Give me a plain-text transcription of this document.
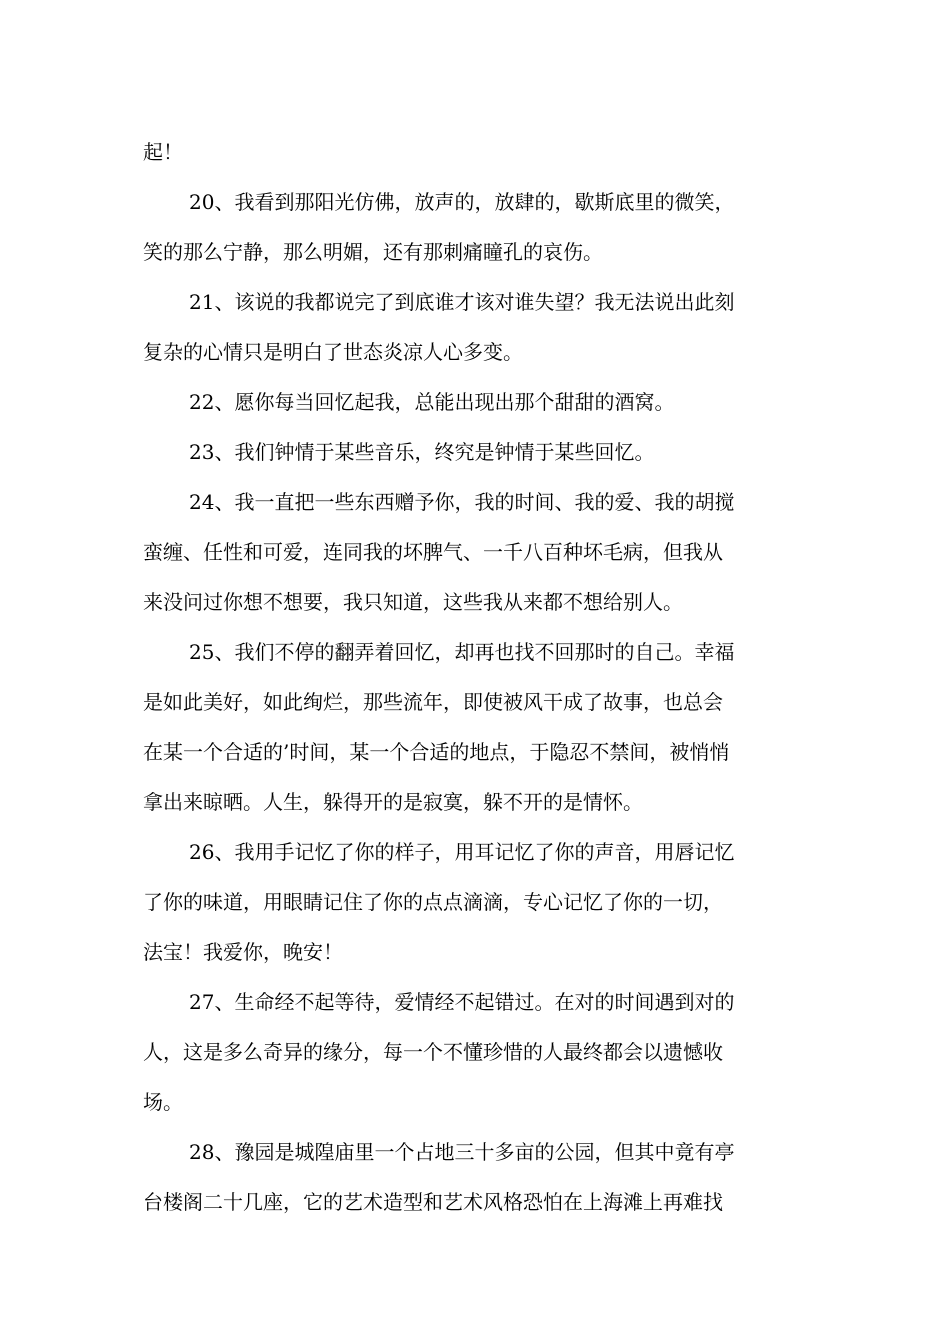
起！

20、我看到那阳光仿佛，放声的，放肆的，歇斯底里的微笑，
笑的那么宁静，那么明媚，还有那刺痛瞳孔的哀伤。

21、该说的我都说完了到底谁才该对谁失望？我无法说出此刻
复杂的心情只是明白了世态炎凉人心多变。

22、愿你每当回忆起我，总能出现出那个甜甜的酒窝。

23、我们钟情于某些音乐，终究是钟情于某些回忆。

24、我一直把一些东西赠予你，我的时间、我的爱、我的胡搅
蛮缠、任性和可爱，连同我的坏脾气、一千八百种坏毛病，但我从
来没问过你想不想要，我只知道，这些我从来都不想给别人。

25、我们不停的翻弄着回忆，却再也找不回那时的自己。幸福
是如此美好，如此绚烂，那些流年，即使被风干成了故事，也总会
在某一个合适的’时间，某一个合适的地点，于隐忍不禁间，被悄悄
拿出来晾晒。人生，躲得开的是寂寞，躲不开的是情怀。

26、我用手记忆了你的样子，用耳记忆了你的声音，用唇记忆
了你的味道，用眼睛记住了你的点点滴滴，专心记忆了你的一切，
法宝！我爱你，晚安！

27、生命经不起等待，爱情经不起错过。在对的时间遇到对的
人，这是多么奇异的缘分，每一个不懂珍惜的人最终都会以遗憾收
场。

28、豫园是城隍庙里一个占地三十多亩的公园，但其中竟有亭
台楼阁二十几座，它的艺术造型和艺术风格恐怕在上海滩上再难找
